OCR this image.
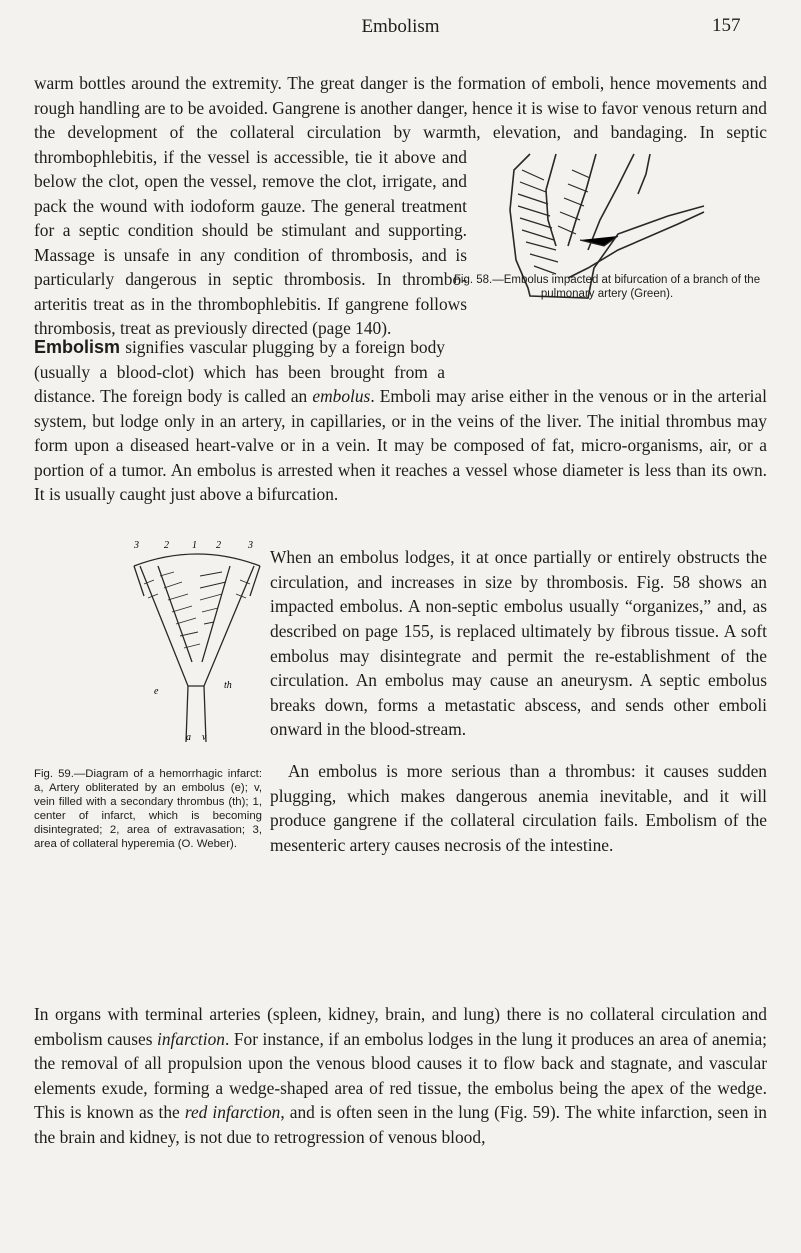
Embolism	157

warm bottles around the extremity. The great danger is the formation of emboli, hence movements and rough handling are to be avoided. Gangrene is another danger, hence it is wise to favor venous return and the development of the collateral circulation by warmth, elevation, and bandaging. In septic thrombophlebitis, if the vessel is accessible, tie it above and below the clot, open the vessel, remove the clot, irrigate, and pack the wound with iodoform gauze. The general treatment for a septic condition should be stimulant and supporting. Massage is unsafe in any condition of thrombosis, and is particularly dangerous in septic thrombosis. In thrombo-arteritis treat as in the thrombophlebitis. If gangrene follows thrombosis, treat as previously directed (page 140).

Fig. 58.—Embolus impacted at bifurcation of a branch of the pulmonary artery (Green).

Embolism signifies vascular plugging by a foreign body (usually a blood-clot) which has been brought from a distance. The foreign body is called an embolus. Emboli may arise either in the venous or in the arterial system, but lodge only in an artery, in capillaries, or in the veins of the liver. The initial thrombus may form upon a diseased heart-valve or in a vein. It may be composed of fat, micro-organisms, air, or a portion of a tumor. An embolus is arrested when it reaches a vessel whose diameter is less than its own. It is usually caught just above a bifurcation.

3	2 1 2	3
e
th
a v
Fig. 59.—Diagram of a hemorrhagic infarct: a, Artery obliterated by an embolus (e); v, vein filled with a secondary thrombus (th); 1, center of infarct, which is becoming disintegrated; 2, area of extravasation; 3, area of collateral hyperemia (O. Weber).

When an embolus lodges, it at once partially or entirely obstructs the circulation, and increases in size by thrombosis. Fig. 58 shows an impacted embolus. A non-septic embolus usually “organizes,” and, as described on page 155, is replaced ultimately by fibrous tissue. A soft embolus may disintegrate and permit the re-establishment of the circulation. An embolus may cause an aneurysm. A septic embolus breaks down, forms a metastatic abscess, and sends other emboli onward in the blood-stream.

An embolus is more serious than a thrombus: it causes sudden plugging, which makes dangerous anemia inevitable, and it will produce gangrene if the collateral circulation fails. Embolism of the mesenteric artery causes necrosis of the intestine.

In organs with terminal arteries (spleen, kidney, brain, and lung) there is no collateral circulation and embolism causes infarction. For instance, if an embolus lodges in the lung it produces an area of anemia; the removal of all propulsion upon the venous blood causes it to flow back and stagnate, and vascular elements exude, forming a wedge-shaped area of red tissue, the embolus being the apex of the wedge. This is known as the red infarction, and is often seen in the lung (Fig. 59). The white infarction, seen in the brain and kidney, is not due to retrogression of venous blood,
